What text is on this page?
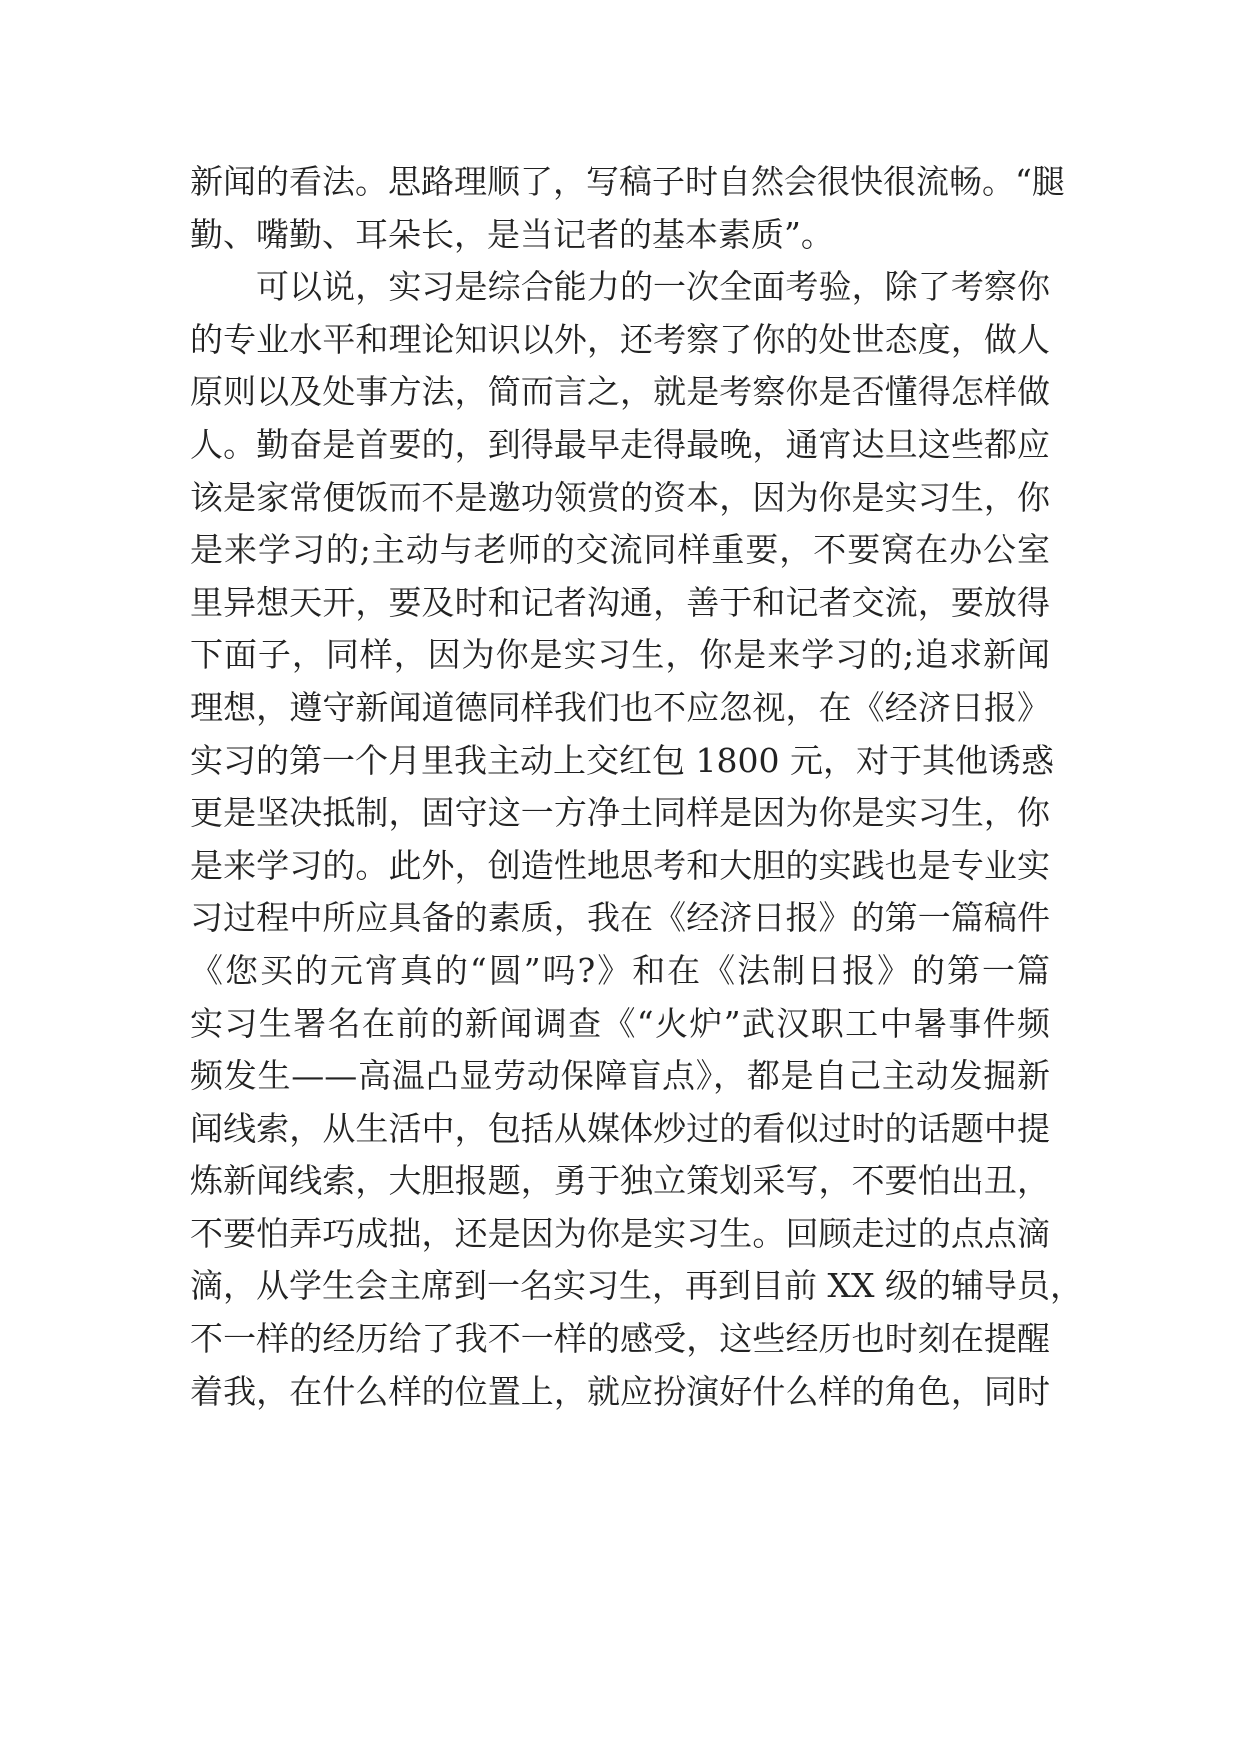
新闻的看法。思路理顺了，写稿子时自然会很快很流畅。“腿
勤、嘴勤、耳朵长，是当记者的基本素质”。
可以说，实习是综合能力的一次全面考验，除了考察你
的专业水平和理论知识以外，还考察了你的处世态度，做人
原则以及处事方法，简而言之，就是考察你是否懂得怎样做
人。勤奋是首要的，到得最早走得最晚，通宵达旦这些都应
该是家常便饭而不是邀功领赏的资本，因为你是实习生，你
是来学习的;主动与老师的交流同样重要，不要窝在办公室
里异想天开，要及时和记者沟通，善于和记者交流，要放得
下面子，同样，因为你是实习生，你是来学习的;追求新闻
理想，遵守新闻道德同样我们也不应忽视，在《经济日报》
实习的第一个月里我主动上交红包 1800 元，对于其他诱惑
更是坚决抵制，固守这一方净土同样是因为你是实习生，你
是来学习的。此外，创造性地思考和大胆的实践也是专业实
习过程中所应具备的素质，我在《经济日报》的第一篇稿件
《您买的元宵真的“圆”吗?》和在《法制日报》的第一篇
实习生署名在前的新闻调查《“火炉”武汉职工中暑事件频
频发生——高温凸显劳动保障盲点》，都是自己主动发掘新
闻线索，从生活中，包括从媒体炒过的看似过时的话题中提
炼新闻线索，大胆报题，勇于独立策划采写，不要怕出丑，
不要怕弄巧成拙，还是因为你是实习生。回顾走过的点点滴
滴，从学生会主席到一名实习生，再到目前 XX 级的辅导员，
不一样的经历给了我不一样的感受，这些经历也时刻在提醒
着我，在什么样的位置上，就应扮演好什么样的角色，同时
